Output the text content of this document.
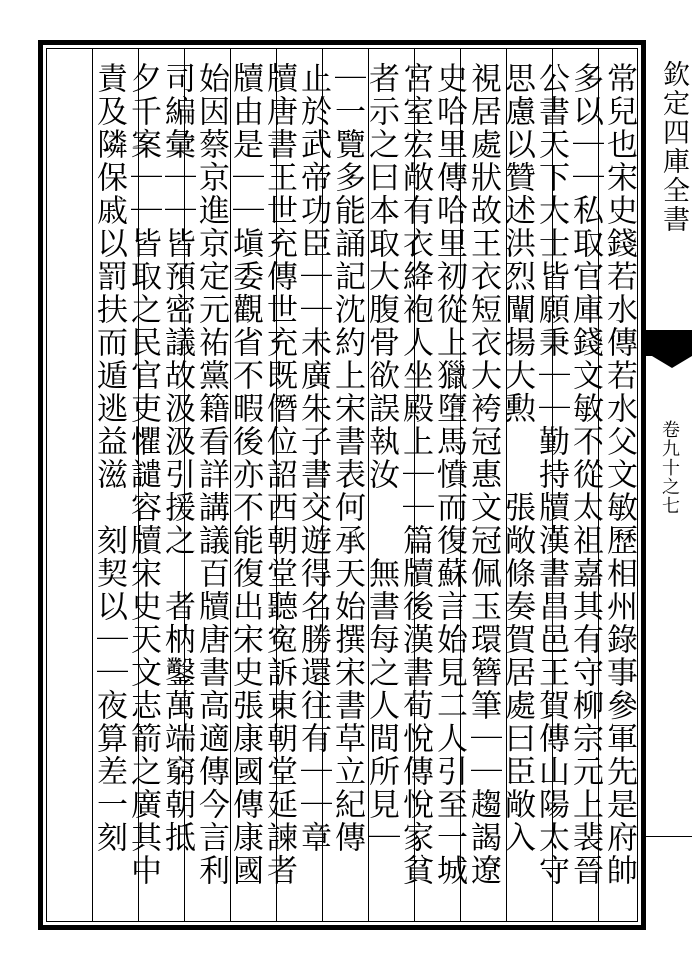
常兒也宋史錢若水傳若水父文敏歷相州錄事參軍先是府帥
多以｜｜私取官庫錢文敏不從太祖嘉其有守柳宗元上裴晉
公書天下大士皆願秉｜｜勤持牘漢書昌邑王賀傳山陽太守
思慮以贊述洪烈闡揚大勲　　張敞條奏賀居處曰臣敞入
視居處狀故王衣短衣大袴冠惠文冠佩玉環簪筆｜｜趨謁遼
史哈里傳哈里初從上獵墮馬憤而復蘇言始見二人引至一城
宮室宏敞有衣絳袍人坐殿上｜｜篇牘後漢書荀悅傳悅家貧
者示之曰本取大腹骨欲誤執汝　　無書每之人間所見｜
｜一覽多能誦記沈約上宋書表何承天始撰宋書草立紀傳
止於武帝功臣｜｜未廣朱子書交遊得名勝還往有｜｜章
牘唐書王世充傳世充既僭位詔西朝堂聽寃訴東朝堂延諫者
牘由是｜｜塡委觀省不暇後亦不能復出宋史張康國傳康國
始因蔡京進京定元祐黨籍看詳講議百牘唐書高適傳今言利
司編彙｜｜皆預密議故汲汲引援之　者枘鑿萬端窮朝抵
夕千案｜｜皆取之民官吏懼譴容牘宋史天文志箭之廣其中
責及隣保戚以罰扶而遁逃益滋　刻契以｜｜夜算差一刻	欽定四庫全書
卷九十之七
